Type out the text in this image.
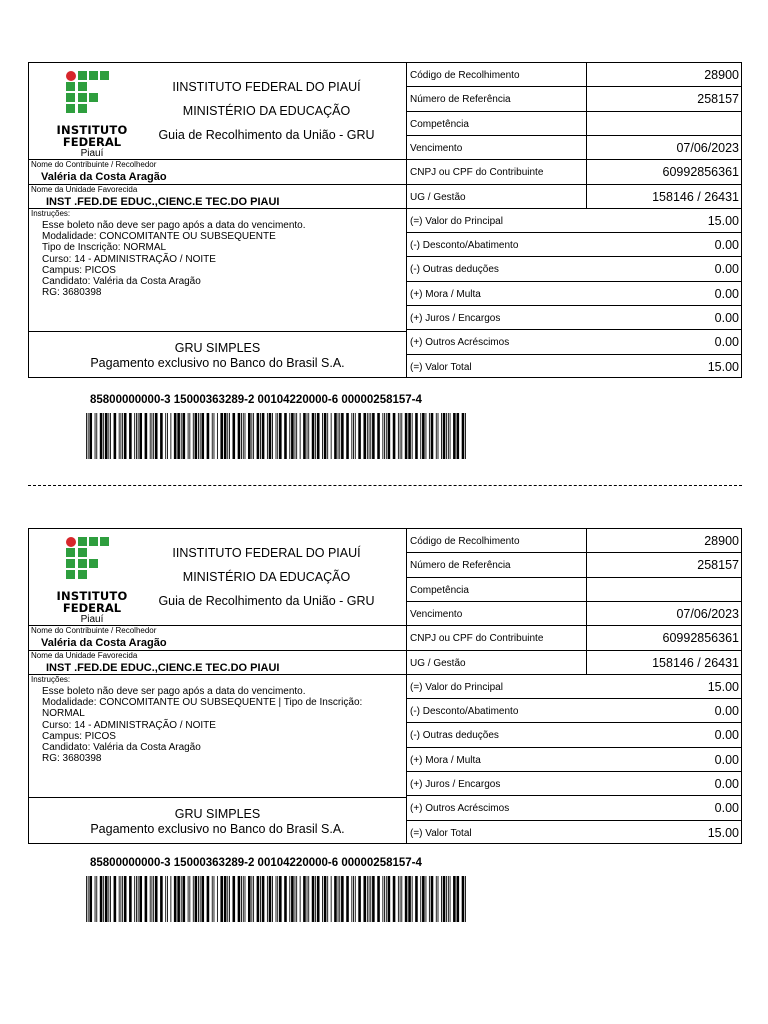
INSTITUTO
FEDERAL
Piauí
IINSTITUTO FEDERAL DO PIAUÍ
MINISTÉRIO DA EDUCAÇÃO
Guia de Recolhimento da União - GRU
Nome do Contribuinte / Recolhedor
Valéria da Costa Aragão
Nome da Unidade Favorecida
INST .FED.DE EDUC.,CIENC.E TEC.DO PIAUI
Instruções:
Esse boleto não deve ser pago após a data do vencimento.
Modalidade: CONCOMITANTE OU SUBSEQUENTE
Tipo de Inscrição: NORMAL
Curso: 14 - ADMINISTRAÇÃO / NOITE
Campus: PICOS
Candidato: Valéria da Costa Aragão
RG: 3680398
GRU SIMPLES
Pagamento exclusivo no Banco do Brasil S.A.
Código de Recolhimento	28900
Número de Referência	258157
Competência
Vencimento	07/06/2023
CNPJ ou CPF do Contribuinte	60992856361
UG / Gestão	158146 / 26431
(=) Valor do Principal	15.00
(-) Desconto/Abatimento	0.00
(-) Outras deduções	0.00
(+) Mora / Multa	0.00
(+) Juros / Encargos	0.00
(+) Outros Acréscimos	0.00
(=) Valor Total	15.00
85800000000-3 15000363289-2 00104220000-6 00000258157-4
INSTITUTO
FEDERAL
Piauí
IINSTITUTO FEDERAL DO PIAUÍ
MINISTÉRIO DA EDUCAÇÃO
Guia de Recolhimento da União - GRU
Nome do Contribuinte / Recolhedor
Valéria da Costa Aragão
Nome da Unidade Favorecida
INST .FED.DE EDUC.,CIENC.E TEC.DO PIAUI
Instruções:
Esse boleto não deve ser pago após a data do vencimento.
Modalidade: CONCOMITANTE OU SUBSEQUENTE | Tipo de Inscrição:
NORMAL
Curso: 14 - ADMINISTRAÇÃO / NOITE
Campus: PICOS
Candidato: Valéria da Costa Aragão
RG: 3680398
GRU SIMPLES
Pagamento exclusivo no Banco do Brasil S.A.
Código de Recolhimento	28900
Número de Referência	258157
Competência
Vencimento	07/06/2023
CNPJ ou CPF do Contribuinte	60992856361
UG / Gestão	158146 / 26431
(=) Valor do Principal	15.00
(-) Desconto/Abatimento	0.00
(-) Outras deduções	0.00
(+) Mora / Multa	0.00
(+) Juros / Encargos	0.00
(+) Outros Acréscimos	0.00
(=) Valor Total	15.00
85800000000-3 15000363289-2 00104220000-6 00000258157-4
